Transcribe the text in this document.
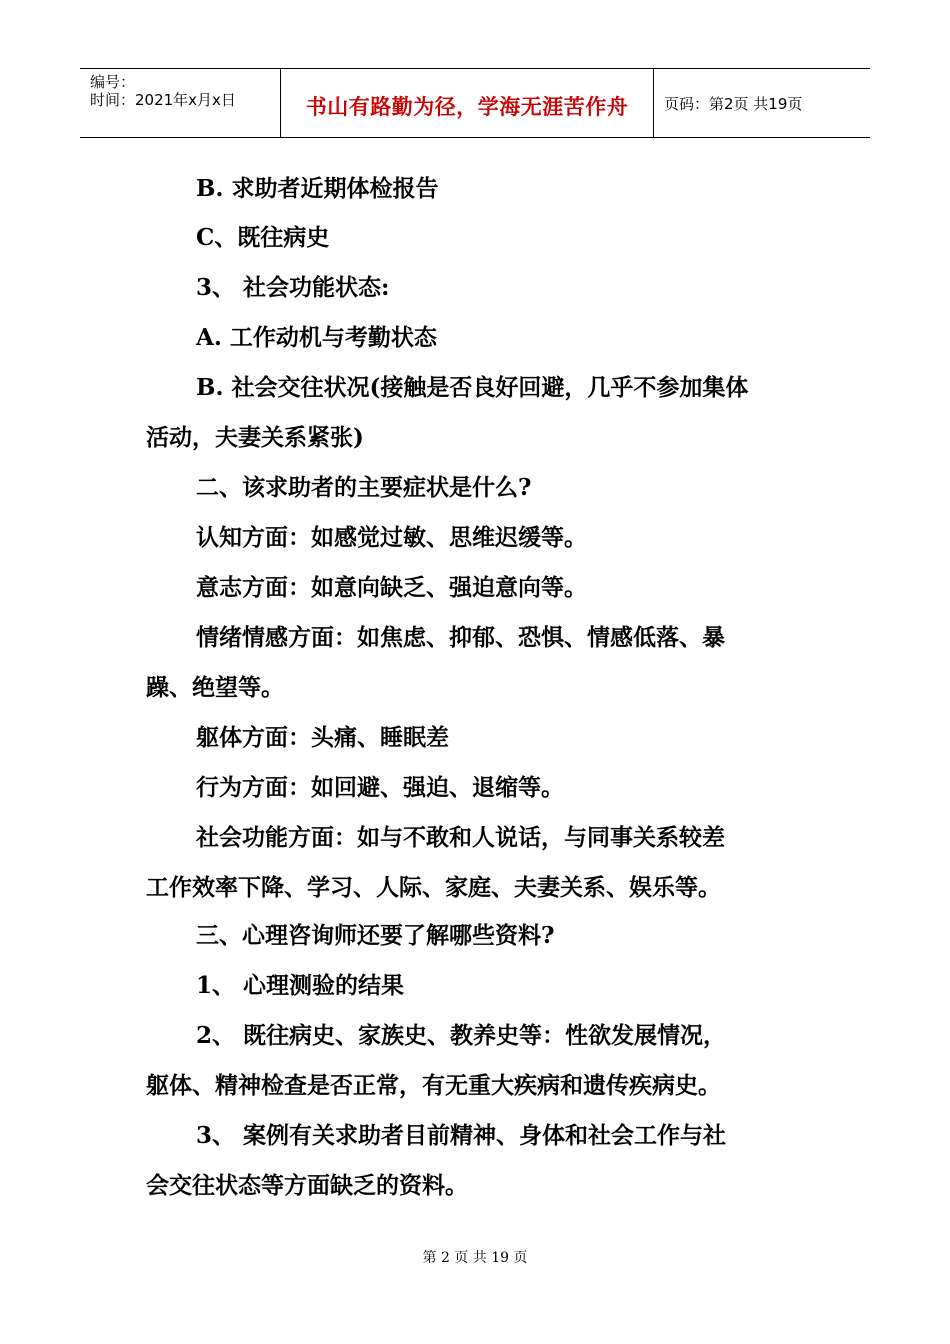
编号：
时间：2021年x月x日	书山有路勤为径，学海无涯苦作舟	页码：第2页 共19页
B. 求助者近期体检报告
C、既往病史
3、 社会功能状态:
A. 工作动机与考勤状态
B. 社会交往状况(接触是否良好回避，几乎不参加集体
活动，夫妻关系紧张)
二、该求助者的主要症状是什么?
认知方面：如感觉过敏、思维迟缓等。
意志方面：如意向缺乏、强迫意向等。
情绪情感方面：如焦虑、抑郁、恐惧、情感低落、暴
躁、绝望等。
躯体方面：头痛、睡眠差
行为方面：如回避、强迫、退缩等。
社会功能方面：如与不敢和人说话，与同事关系较差
工作效率下降、学习、人际、家庭、夫妻关系、娱乐等。
三、心理咨询师还要了解哪些资料?
1、 心理测验的结果
2、 既往病史、家族史、教养史等：性欲发展情况，
躯体、精神检查是否正常，有无重大疾病和遗传疾病史。
3、 案例有关求助者目前精神、身体和社会工作与社
会交往状态等方面缺乏的资料。
第 2 页 共 19 页
